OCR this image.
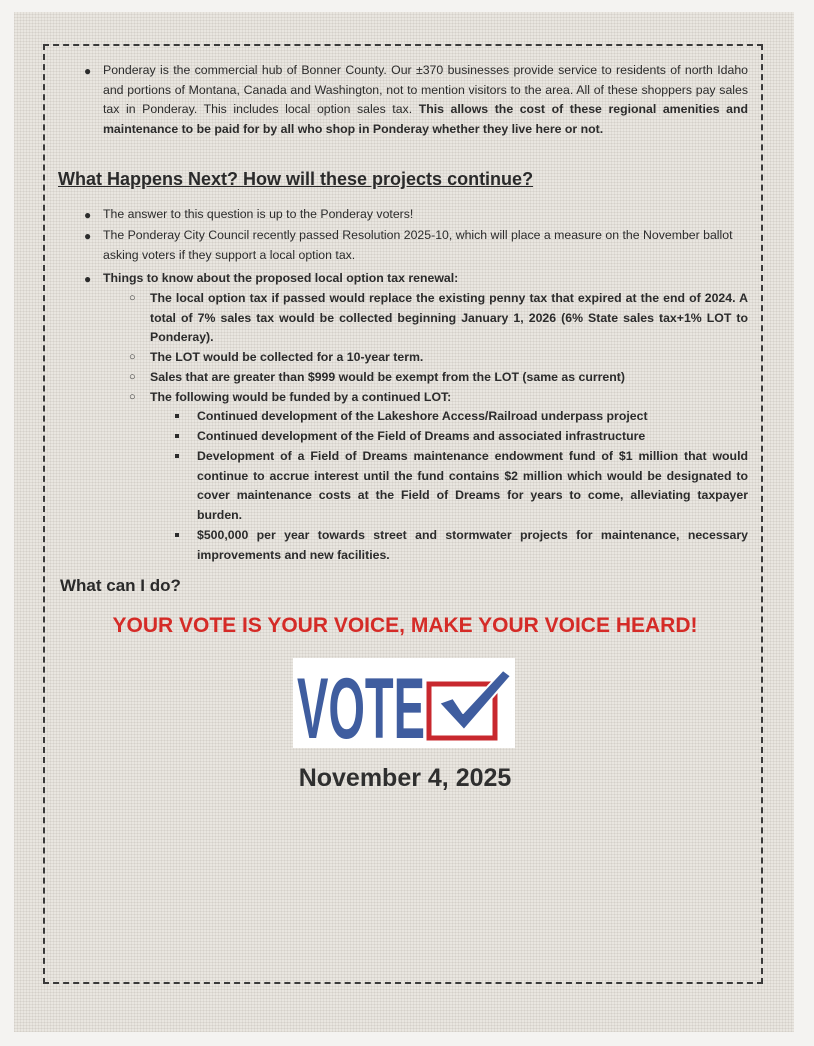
● Ponderay is the commercial hub of Bonner County. Our ±370 businesses provide service to residents of north Idaho and portions of Montana, Canada and Washington, not to mention visitors to the area. All of these shoppers pay sales tax in Ponderay. This includes local option sales tax. This allows the cost of these regional amenities and maintenance to be paid for by all who shop in Ponderay whether they live here or not.
What Happens Next? How will these projects continue?
● The answer to this question is up to the Ponderay voters!
● The Ponderay City Council recently passed Resolution 2025-10, which will place a measure on the November ballot asking voters if they support a local option tax.
● Things to know about the proposed local option tax renewal:
○ The local option tax if passed would replace the existing penny tax that expired at the end of 2024. A total of 7% sales tax would be collected beginning January 1, 2026 (6% State sales tax+1% LOT to Ponderay).
○ The LOT would be collected for a 10-year term.
○ Sales that are greater than $999 would be exempt from the LOT (same as current)
○ The following would be funded by a continued LOT:
Continued development of the Lakeshore Access/Railroad underpass project
Continued development of the Field of Dreams and associated infrastructure
Development of a Field of Dreams maintenance endowment fund of $1 million that would continue to accrue interest until the fund contains $2 million which would be designated to cover maintenance costs at the Field of Dreams for years to come, alleviating taxpayer burden.
$500,000 per year towards street and stormwater projects for maintenance, necessary improvements and new facilities.
What can I do?
YOUR VOTE IS YOUR VOICE, MAKE YOUR VOICE HEARD!
VOTE
November 4, 2025
